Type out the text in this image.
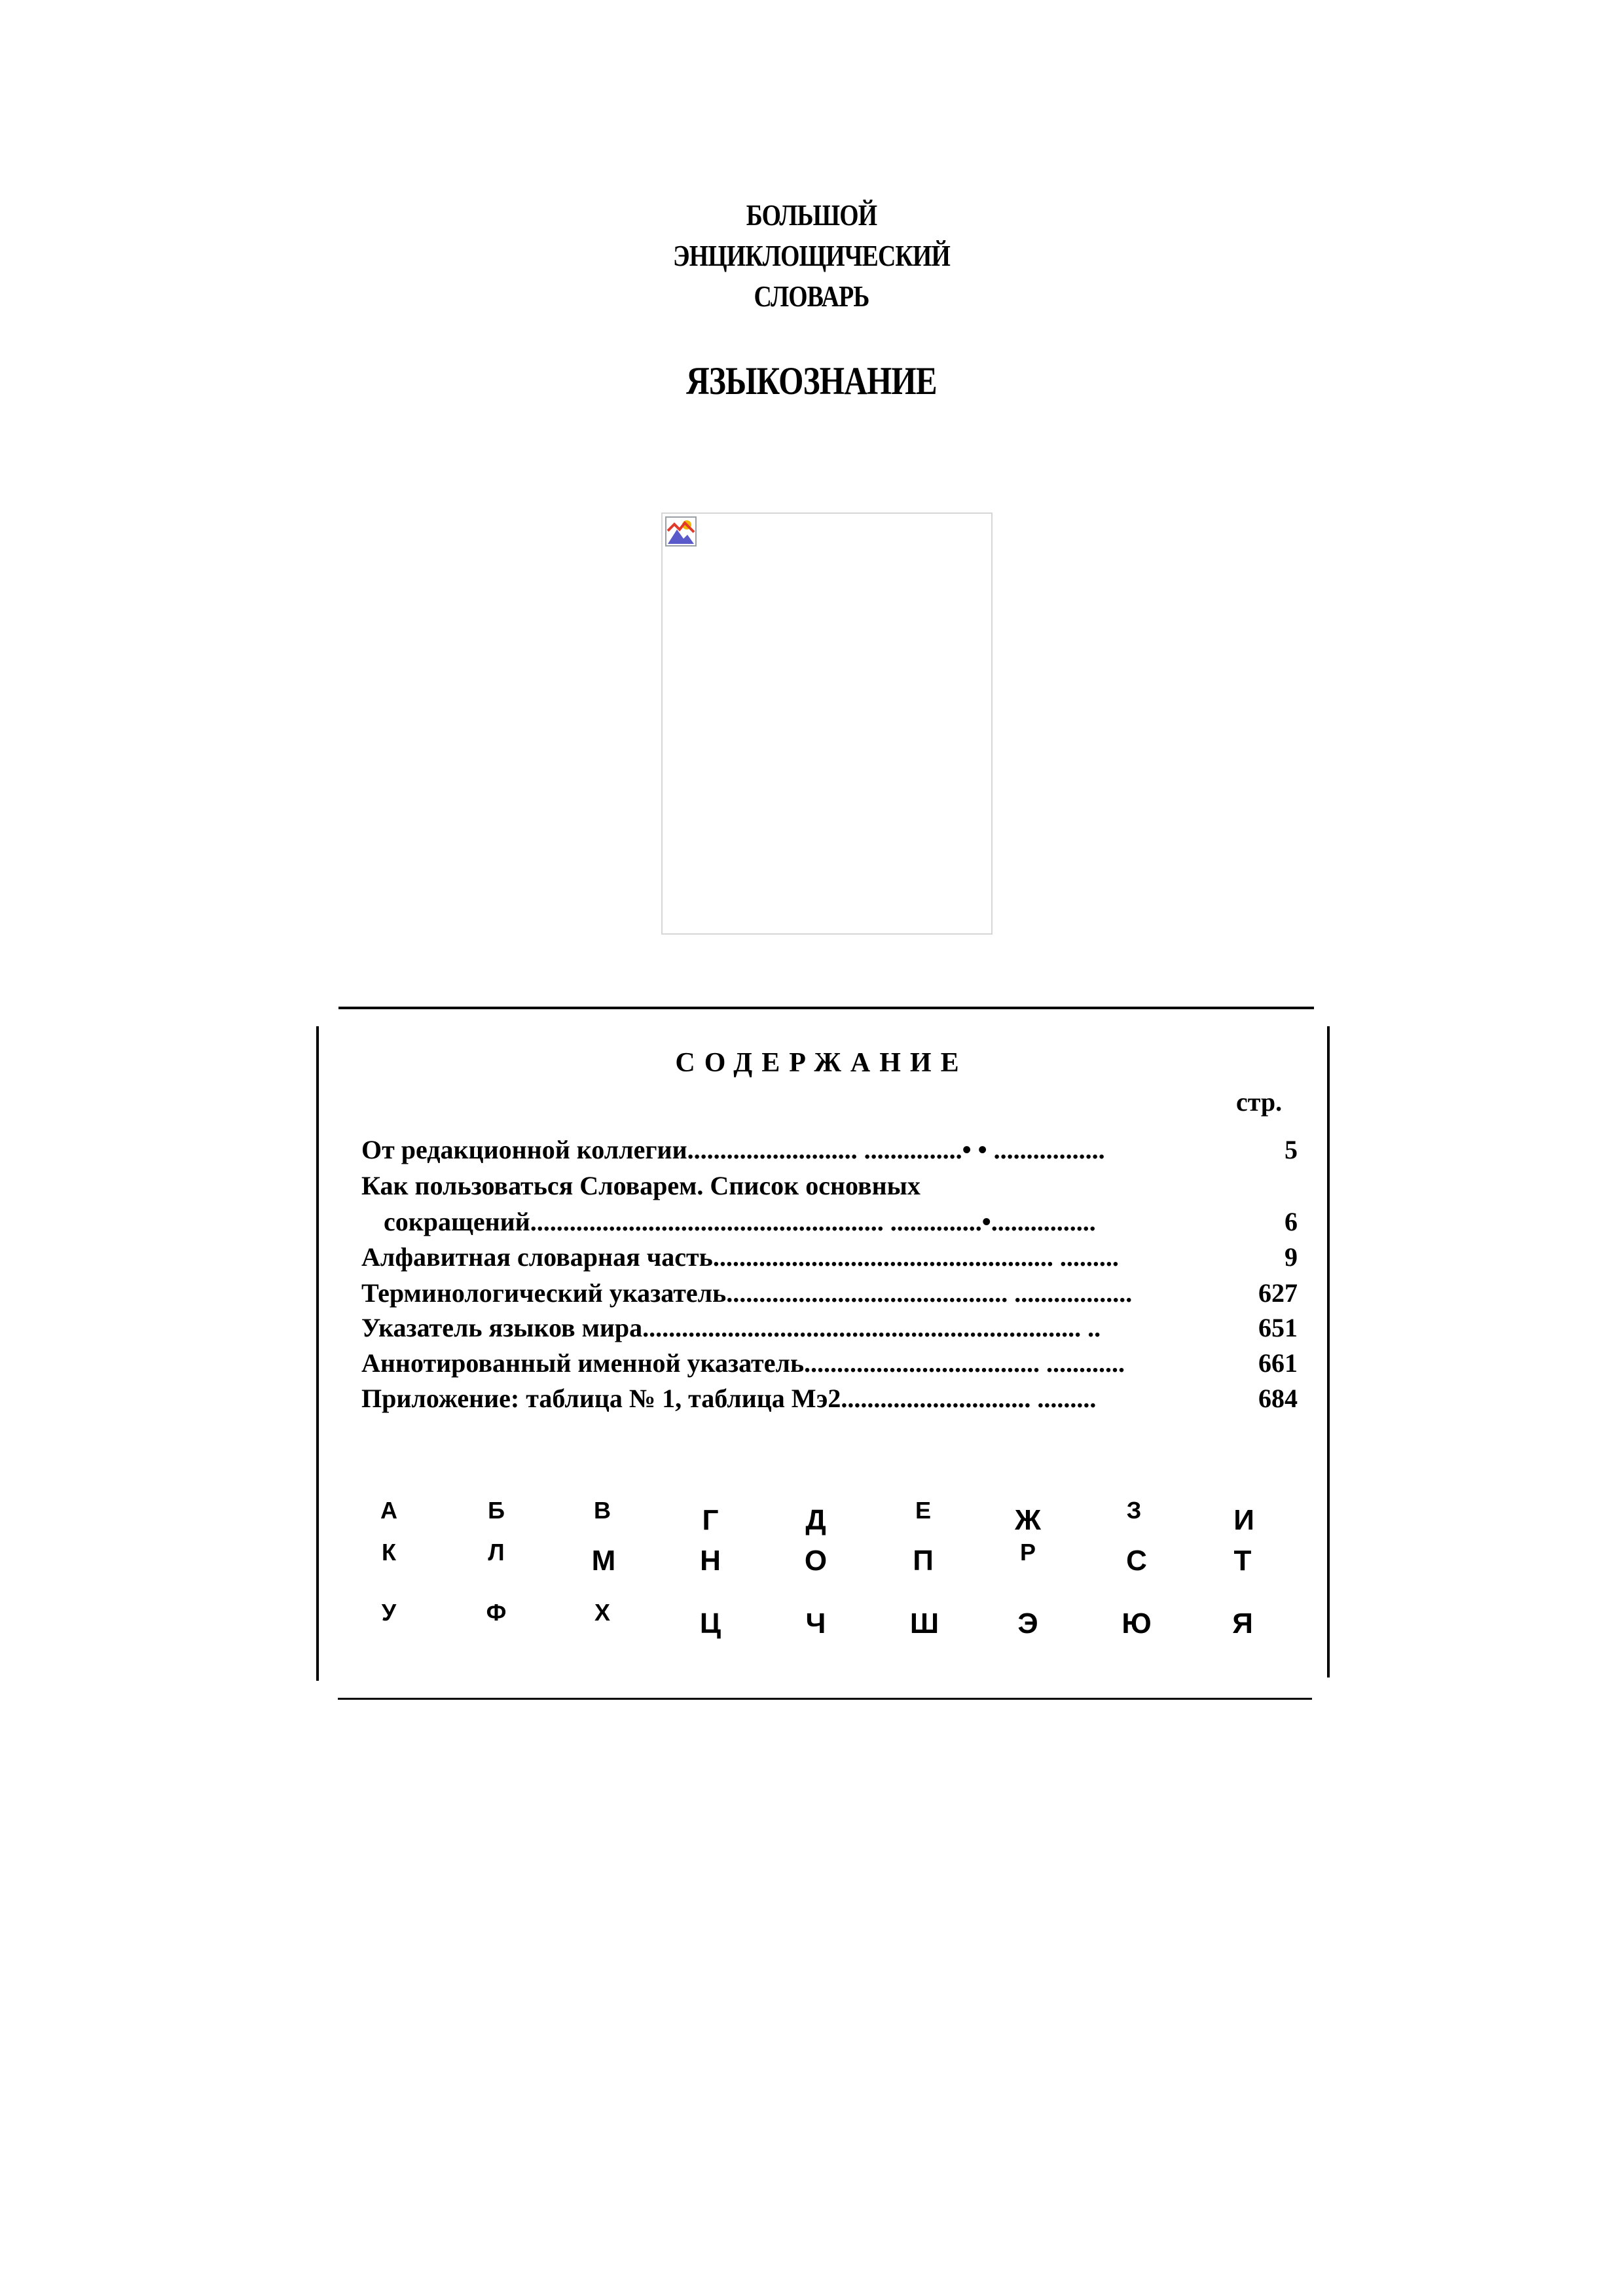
БОЛЬШОЙ
ЭНЦИКЛОЩИЧЕСКИЙ
СЛОВАРЬ
ЯЗЫКОЗНАНИЕ
СОДЕРЖАНИЕ
стр.
От редакционной коллегии.......................... ...............• • .................	5
Как пользоваться Словарем. Список основных
сокращений...................................................... ..............•................	6
Алфавитная словарная часть.................................................... .........	9
Терминологический указатель........................................... ..................	627
Указатель языков мира................................................................... ..	651
Аннотированный именной указатель.................................... ............	661
Приложение: таблица № 1, таблица Мэ2............................. .........	684
А	Б	В	Г	Д	Е	Ж	З	И
К	Л	М	Н	О	П	Р	С	Т
У	Ф	Х	Ц	Ч	Ш	Э	Ю	Я
